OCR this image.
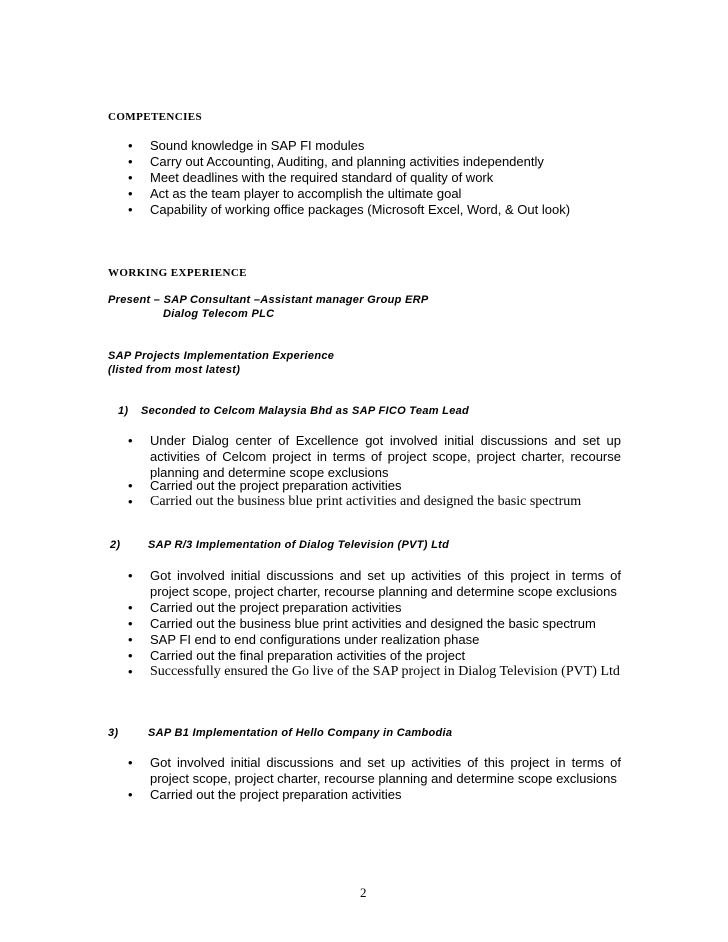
COMPETENCIES
• Sound knowledge in SAP FI modules
• Carry out Accounting, Auditing, and planning activities independently
• Meet deadlines with the required standard of quality of work
• Act as the team player to accomplish the ultimate goal
• Capability of working office packages (Microsoft Excel, Word, & Out look)
WORKING EXPERIENCE
Present – SAP Consultant –Assistant manager Group ERP
Dialog Telecom PLC
SAP Projects Implementation Experience
(listed from most latest)
1) Seconded to Celcom Malaysia Bhd as SAP FICO Team Lead
• Under Dialog center of Excellence got involved initial discussions and set up activities of Celcom project in terms of project scope, project charter, recourse planning and determine scope exclusions
• Carried out the project preparation activities
• Carried out the business blue print activities and designed the basic spectrum
2)	SAP R/3 Implementation of Dialog Television (PVT) Ltd
• Got involved initial discussions and set up activities of this project in terms of project scope, project charter, recourse planning and determine scope exclusions
• Carried out the project preparation activities
• Carried out the business blue print activities and designed the basic spectrum
• SAP FI end to end configurations under realization phase
• Carried out the final preparation activities of the project
• Successfully ensured the Go live of the SAP project in Dialog Television (PVT) Ltd
3)	SAP B1 Implementation of Hello Company in Cambodia
• Got involved initial discussions and set up activities of this project in terms of project scope, project charter, recourse planning and determine scope exclusions
• Carried out the project preparation activities
2
